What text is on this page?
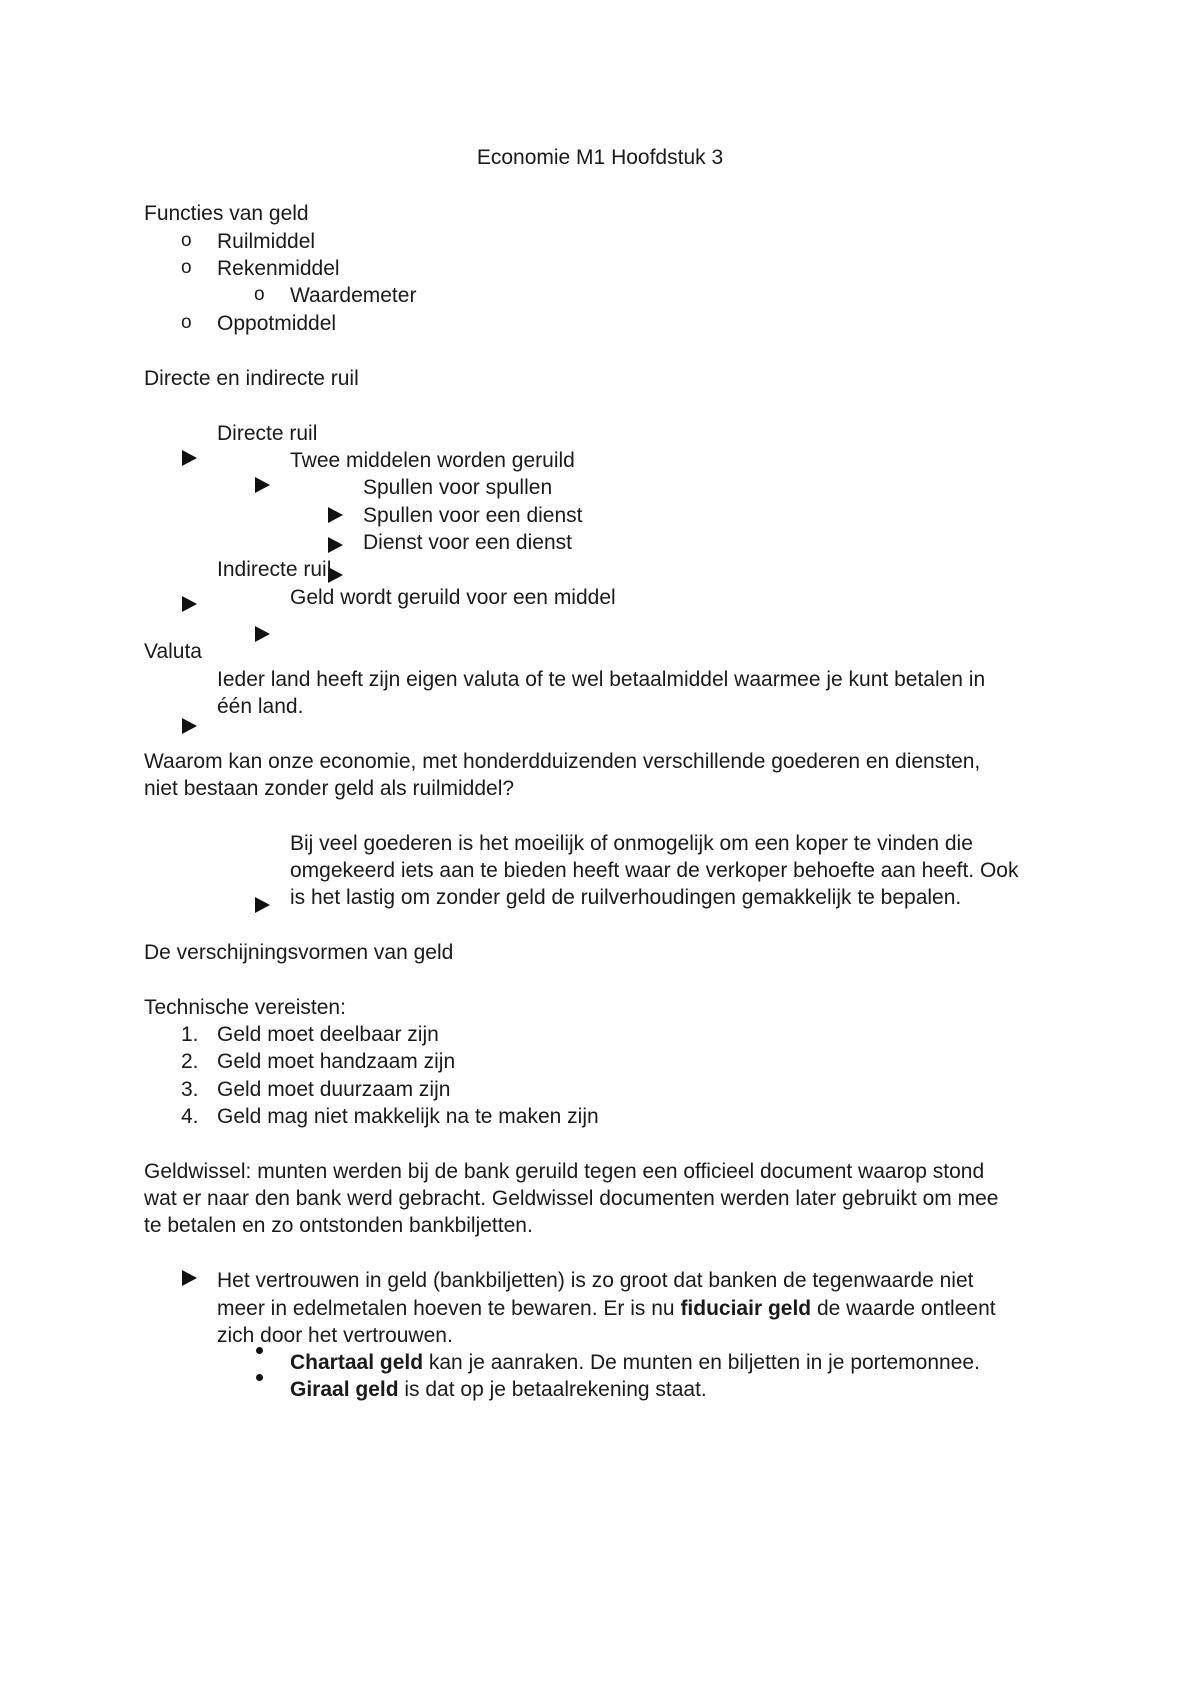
Economie M1 Hoofdstuk 3
Functies van geld
o Ruilmiddel
o Rekenmiddel
o Waardemeter
o Oppotmiddel
Directe en indirecte ruil
Directe ruil
Twee middelen worden geruild
Spullen voor spullen
Spullen voor een dienst
Dienst voor een dienst
Indirecte ruil
Geld wordt geruild voor een middel
Valuta
Ieder land heeft zijn eigen valuta of te wel betaalmiddel waarmee je kunt betalen in
één land.
Waarom kan onze economie, met honderdduizenden verschillende goederen en diensten,
niet bestaan zonder geld als ruilmiddel?
Bij veel goederen is het moeilijk of onmogelijk om een koper te vinden die
omgekeerd iets aan te bieden heeft waar de verkoper behoefte aan heeft. Ook
is het lastig om zonder geld de ruilverhoudingen gemakkelijk te bepalen.
De verschijningsvormen van geld
Technische vereisten:
1. Geld moet deelbaar zijn
2. Geld moet handzaam zijn
3. Geld moet duurzaam zijn
4. Geld mag niet makkelijk na te maken zijn
Geldwissel: munten werden bij de bank geruild tegen een officieel document waarop stond
wat er naar den bank werd gebracht. Geldwissel documenten werden later gebruikt om mee
te betalen en zo ontstonden bankbiljetten.
Het vertrouwen in geld (bankbiljetten) is zo groot dat banken de tegenwaarde niet
meer in edelmetalen hoeven te bewaren. Er is nu fiduciair geld de waarde ontleent
zich door het vertrouwen.
Chartaal geld kan je aanraken. De munten en biljetten in je portemonnee.
Giraal geld is dat op je betaalrekening staat.
